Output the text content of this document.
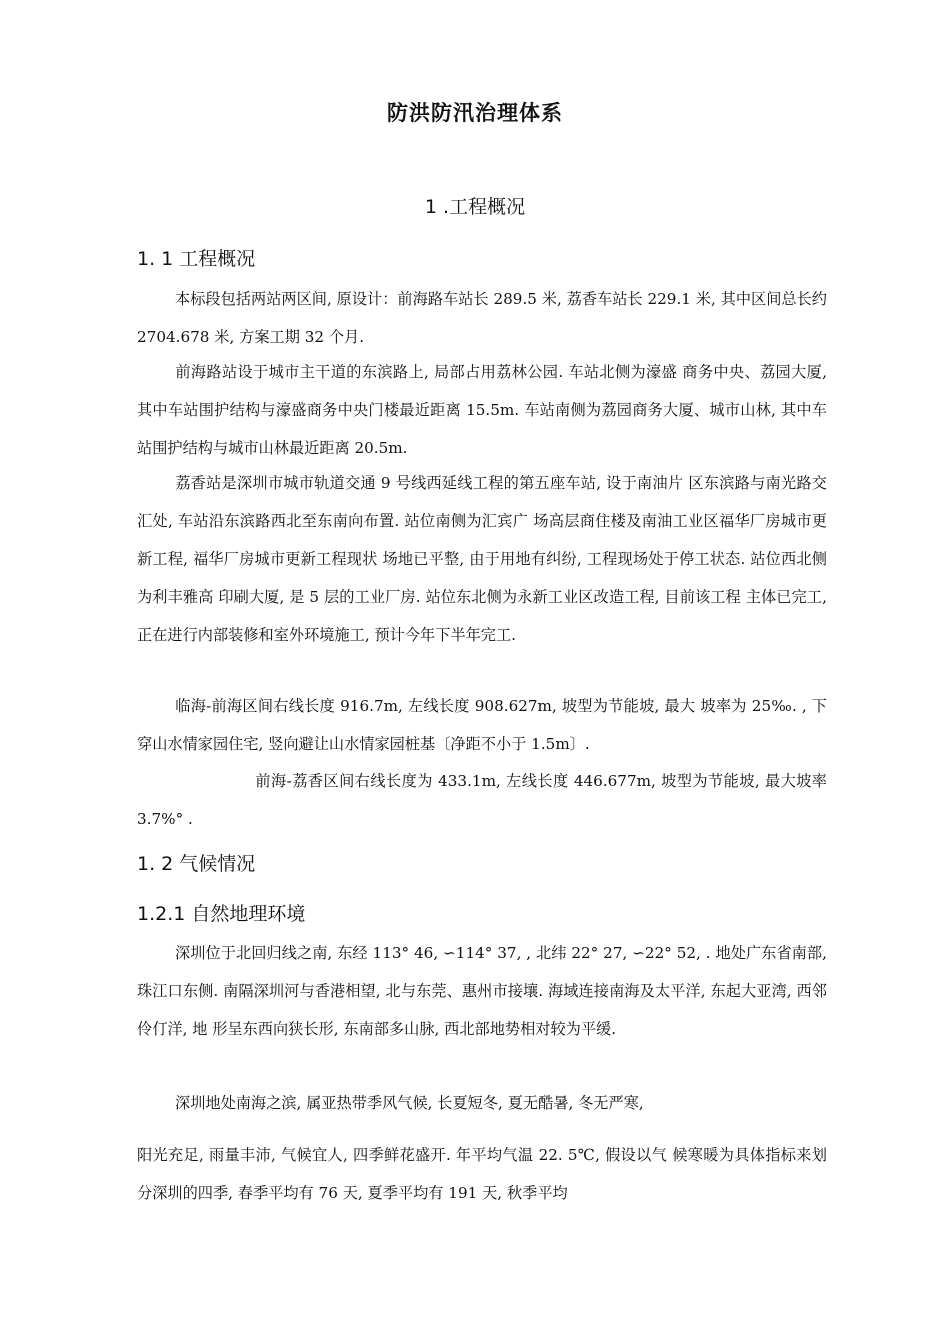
防洪防汛治理体系
1 .工程概况
1. 1 工程概况

本标段包括两站两区间, 原设计：前海路车站长 289.5 米, 荔香车站长 229.1 米, 其中区间总长约 2704.678 米, 方案工期 32 个月.

前海路站设于城市主干道的东滨路上, 局部占用荔林公园. 车站北侧为濠盛 商务中央、荔园大厦, 其中车站围护结构与濠盛商务中央门楼最近距离 15.5m. 车站南侧为荔园商务大厦、城市山林, 其中车站围护结构与城市山林最近距离 20.5m.

荔香站是深圳市城市轨道交通 9 号线西延线工程的第五座车站, 设于南油片 区东滨路与南光路交汇处, 车站沿东滨路西北至东南向布置. 站位南侧为汇宾广 场高层商住楼及南油工业区福华厂房城市更新工程, 福华厂房城市更新工程现状 场地已平整, 由于用地有纠纷, 工程现场处于停工状态. 站位西北侧为利丰雅高 印刷大厦, 是 5 层的工业厂房. 站位东北侧为永新工业区改造工程, 目前该工程 主体已完工, 正在进行内部装修和室外环境施工, 预计今年下半年完工.

临海-前海区间右线长度 916.7m, 左线长度 908.627m, 坡型为节能坡, 最大 坡率为 25‰. , 下穿山水情家园住宅, 竖向避让山水情家园桩基〔净距不小于 1.5m〕.

前海-荔香区间右线长度为 433.1m, 左线长度 446.677m, 坡型为节能坡, 最大坡率 3.7%° .

1. 2 气候情况
1.2.1 自然地理环境

深圳位于北回归线之南, 东经 113° 46, ∽114° 37, , 北纬 22° 27, ∽22° 52, . 地处广东省南部, 珠江口东侧. 南隔深圳河与香港相望, 北与东莞、惠州市接壤. 海域连接南海及太平洋, 东起大亚湾, 西邻伶仃洋, 地 形呈东西向狭长形, 东南部多山脉, 西北部地势相对较为平缓.

深圳地处南海之滨, 属亚热带季风气候, 长夏短冬, 夏无酷暑, 冬无严寒,

阳光充足, 雨量丰沛, 气候宜人, 四季鲜花盛开. 年平均气温 22. 5℃, 假设以气 候寒暖为具体指标来划分深圳的四季, 春季平均有 76 天, 夏季平均有 191 天, 秋季平均
